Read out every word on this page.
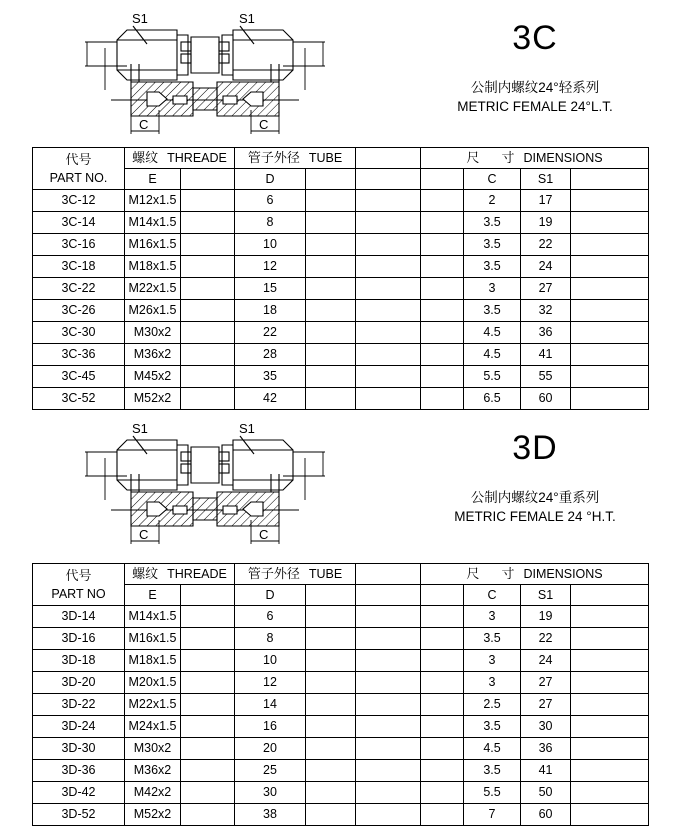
S1	S1
C	C
3C
公制内螺纹24°轻系列
METRIC FEMALE 24°L.T.
代号
PART NO.	螺纹 THREADE		管子外径 TUBE			尺 寸 DIMENSIONS			
	E		D				C	S1	
3C-12	M12x1.5		6				2	17	
3C-14	M14x1.5		8				3.5	19	
3C-16	M16x1.5		10				3.5	22	
3C-18	M18x1.5		12				3.5	24	
3C-22	M22x1.5		15				3	27	
3C-26	M26x1.5		18				3.5	32	
3C-30	M30x2		22				4.5	36	
3C-36	M36x2		28				4.5	41	
3C-45	M45x2		35				5.5	55	
3C-52	M52x2		42				6.5	60	
S1	S1
C	C
3D
公制内螺纹24°重系列
METRIC FEMALE 24 °H.T.
代号
PART NO	螺纹 THREADE		管子外径 TUBE			尺 寸 DIMENSIONS			
	E		D				C	S1	
3D-14	M14x1.5		6				3	19	
3D-16	M16x1.5		8				3.5	22	
3D-18	M18x1.5		10				3	24	
3D-20	M20x1.5		12				3	27	
3D-22	M22x1.5		14				2.5	27	
3D-24	M24x1.5		16				3.5	30	
3D-30	M30x2		20				4.5	36	
3D-36	M36x2		25				3.5	41	
3D-42	M42x2		30				5.5	50	
3D-52	M52x2		38				7	60	
